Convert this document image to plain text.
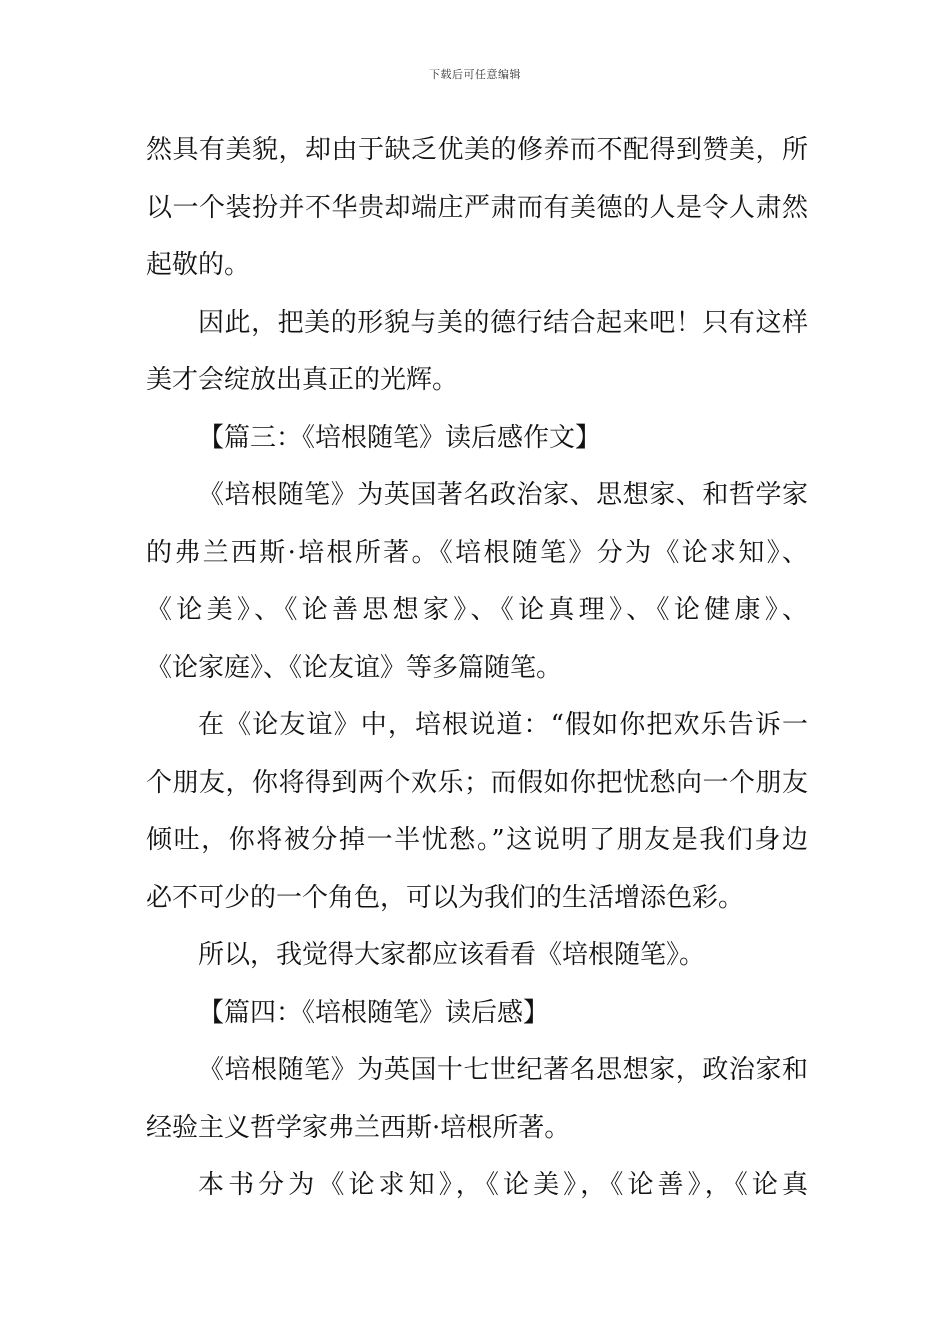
下载后可任意编辑
然具有美貌，却由于缺乏优美的修养而不配得到赞美，所
以一个装扮并不华贵却端庄严肃而有美德的人是令人肃然
起敬的。
因此，把美的形貌与美的德行结合起来吧！只有这样
美才会绽放出真正的光辉。
【篇三：《培根随笔》读后感作文】
《培根随笔》为英国著名政治家、思想家、和哲学家
的弗兰西斯·培根所著。《培根随笔》分为《论求知》、
《论美》、《论善思想家》、《论真理》、《论健康》、
《论家庭》、《论友谊》等多篇随笔。
在《论友谊》中，培根说道：“假如你把欢乐告诉一
个朋友，你将得到两个欢乐；而假如你把忧愁向一个朋友
倾吐，你将被分掉一半忧愁。”这说明了朋友是我们身边
必不可少的一个角色，可以为我们的生活增添色彩。
所以，我觉得大家都应该看看《培根随笔》。
【篇四：《培根随笔》读后感】
《培根随笔》为英国十七世纪著名思想家，政治家和
经验主义哲学家弗兰西斯·培根所著。
本书分为《论求知》，《论美》，《论善》，《论真
